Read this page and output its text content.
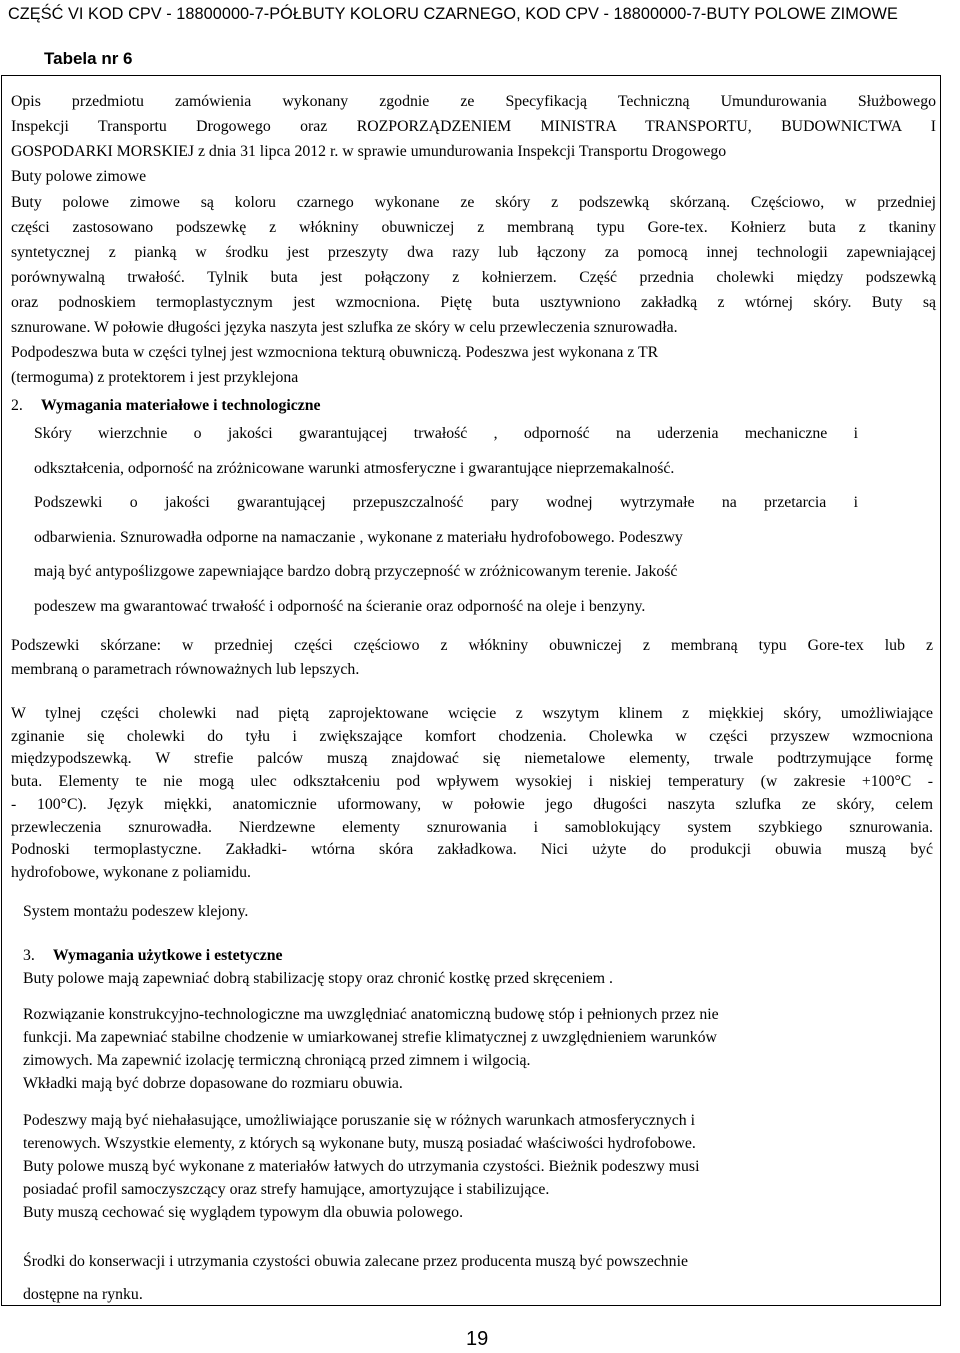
CZĘŚĆ VI KOD CPV - 18800000-7-PÓŁBUTY KOLORU CZARNEGO, KOD CPV - 18800000-7-BUTY POLOWE ZIMOWE
Tabela nr 6

Opis przedmiotu zamówienia wykonany zgodnie ze Specyfikacją Techniczną Umundurowania Służbowego

Inspekcji Transportu Drogowego oraz ROZPORZĄDZENIEM MINISTRA TRANSPORTU, BUDOWNICTWA I

GOSPODARKI MORSKIEJ z dnia 31 lipca 2012 r. w sprawie umundurowania Inspekcji Transportu Drogowego

Buty polowe zimowe

Buty polowe zimowe są koloru czarnego wykonane ze skóry z podszewką skórzaną. Częściowo, w przedniej

części zastosowano podszewkę z włókniny obuwniczej z membraną typu Gore-tex. Kołnierz buta z tkaniny

syntetycznej z pianką w środku jest przeszyty dwa razy lub łączony za pomocą innej technologii zapewniającej

porównywalną trwałość. Tylnik buta jest połączony z kołnierzem. Część przednia cholewki między podszewką

oraz podnoskiem termoplastycznym jest wzmocniona. Piętę buta usztywniono zakładką z wtórnej skóry. Buty są

sznurowane. W połowie długości języka naszyta jest szlufka ze skóry w celu przewleczenia sznurowadła.

Podpodeszwa buta w części tylnej jest wzmocniona tekturą obuwniczą. Podeszwa jest wykonana z TR

(termoguma) z protektorem i jest przyklejona

2. Wymagania materiałowe i technologiczne

Skóry wierzchnie o jakości gwarantującej trwałość , odporność na uderzenia mechaniczne i

odkształcenia, odporność na zróżnicowane warunki atmosferyczne i gwarantujące nieprzemakalność.

Podszewki o jakości gwarantującej przepuszczalność pary wodnej wytrzymałe na przetarcia i

odbarwienia. Sznurowadła odporne na namaczanie , wykonane z materiału hydrofobowego. Podeszwy

mają być antypoślizgowe zapewniające bardzo dobrą przyczepność w zróżnicowanym terenie. Jakość

podeszew ma gwarantować trwałość i odporność na ścieranie oraz odporność na oleje i benzyny.

Podszewki skórzane: w przedniej części częściowo z włókniny obuwniczej z membraną typu Gore-tex lub z

membraną o parametrach równoważnych lub lepszych.

W tylnej części cholewki nad piętą zaprojektowane wcięcie z wszytym klinem z miękkiej skóry, umożliwiające

zginanie się cholewki do tyłu i zwiększające komfort chodzenia. Cholewka w części przyszew wzmocniona

międzypodszewką. W strefie palców muszą znajdować się niemetalowe elementy, trwale podtrzymujące formę

buta. Elementy te nie mogą ulec odkształceniu pod wpływem wysokiej i niskiej temperatury (w zakresie +100°C -

- 100°C). Język miękki, anatomicznie uformowany, w połowie jego długości naszyta szlufka ze skóry, celem

przewleczenia sznurowadła. Nierdzewne elementy sznurowania i samoblokujący system szybkiego sznurowania.

Podnoski termoplastyczne. Zakładki- wtórna skóra zakładkowa. Nici użyte do produkcji obuwia muszą być

hydrofobowe, wykonane z poliamidu.

System montażu podeszew klejony.
3. Wymagania użytkowe i estetyczne
Buty polowe mają zapewniać dobrą stabilizację stopy oraz chronić kostkę przed skręceniem .

Rozwiązanie konstrukcyjno-technologiczne ma uwzględniać anatomiczną budowę stóp i pełnionych przez nie

funkcji. Ma zapewniać stabilne chodzenie w umiarkowanej strefie klimatycznej z uwzględnieniem warunków

zimowych. Ma zapewnić izolację termiczną chroniącą przed zimnem i wilgocią.

Wkładki mają być dobrze dopasowane do rozmiaru obuwia.

Podeszwy mają być niehałasujące, umożliwiające poruszanie się w różnych warunkach atmosferycznych i

terenowych. Wszystkie elementy, z których są wykonane buty, muszą posiadać właściwości hydrofobowe.

Buty polowe muszą być wykonane z materiałów łatwych do utrzymania czystości. Bieżnik podeszwy musi

posiadać profil samoczyszczący oraz strefy hamujące, amortyzujące i stabilizujące.

Buty muszą cechować się wyglądem typowym dla obuwia polowego.

Środki do konserwacji i utrzymania czystości obuwia zalecane przez producenta muszą być powszechnie

dostępne na rynku.

19
